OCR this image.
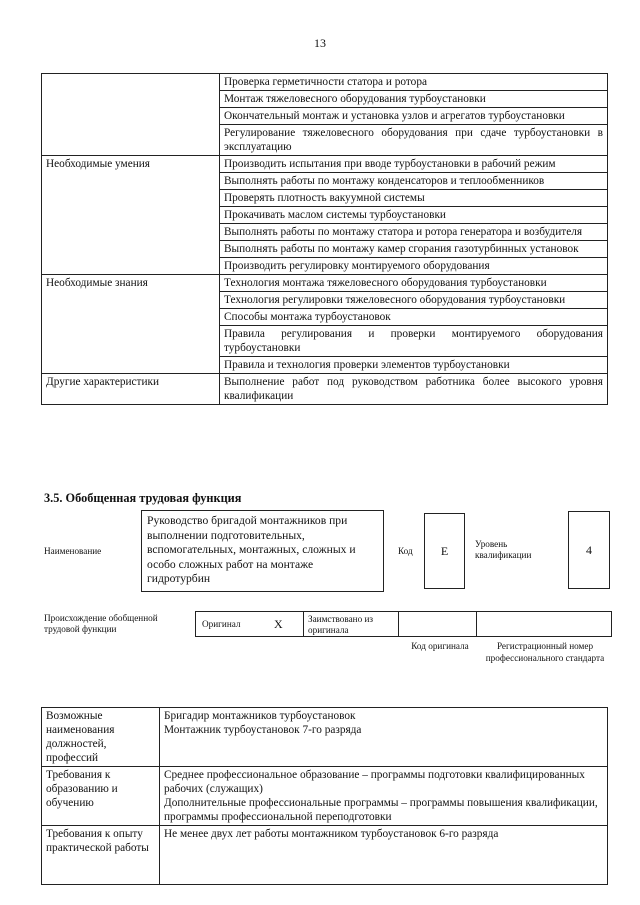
13
	Проверка герметичности статора и ротора
	Монтаж тяжеловесного оборудования турбоустановки
	Окончательный монтаж и установка узлов и агрегатов турбоустановки
	Регулирование тяжеловесного оборудования при сдаче турбоустановки в эксплуатацию
Необходимые умения	Производить испытания при вводе турбоустановки в рабочий режим
	Выполнять работы по монтажу конденсаторов и теплообменников
	Проверять плотность вакуумной системы
	Прокачивать маслом системы турбоустановки
	Выполнять работы по монтажу статора и ротора генератора и возбудителя
	Выполнять работы по монтажу камер сгорания газотурбинных установок
	Производить регулировку монтируемого оборудования
Необходимые знания	Технология монтажа тяжеловесного оборудования турбоустановки
	Технология регулировки тяжеловесного оборудования турбоустановки
	Способы монтажа турбоустановок
	Правила регулирования и проверки монтируемого оборудования турбоустановки
	Правила и технология проверки элементов турбоустановки
Другие характеристики	Выполнение работ под руководством работника более высокого уровня квалификации
3.5. Обобщенная трудовая функция
Наименование
Руководство бригадой монтажников при выполнении подготовительных, вспомогательных, монтажных, сложных и особо сложных работ на монтаже гидротурбин
Код	Е	Уровень квалификации	4
Происхождение обобщенной трудовой функции
Оригинал	X	Заимствовано из оригинала
Код оригинала	Регистрационный номер профессионального стандарта
Возможные наименования должностей, профессий	Бригадир монтажников турбоустановок
Монтажник турбоустановок 7-го разряда

Требования к образованию и обучению	Среднее профессиональное образование – программы подготовки квалифицированных рабочих (служащих)
Дополнительные профессиональные программы – программы повышения квалификации, программы профессиональной переподготовки

Требования к опыту практической работы	Не менее двух лет работы монтажником турбоустановок 6-го разряда
